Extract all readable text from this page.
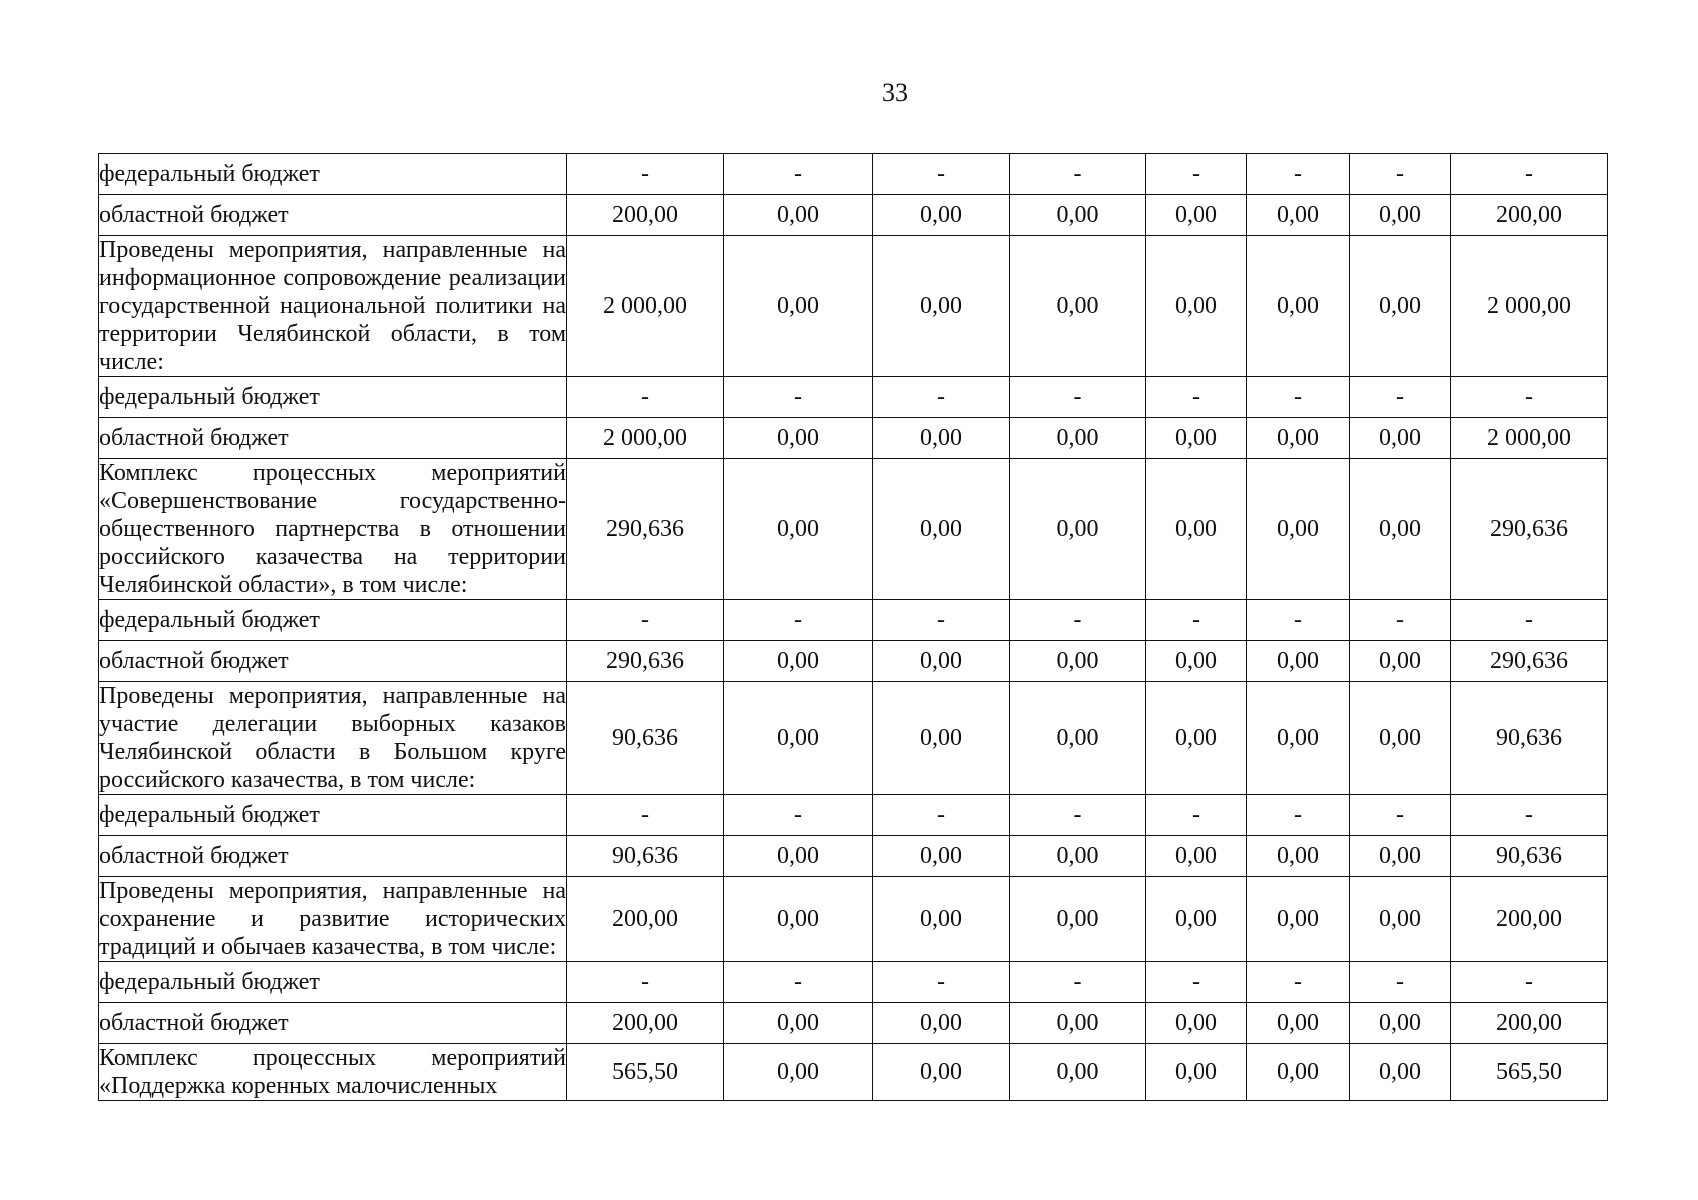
33
федеральный бюджет	-	-	-	-	-	-	-	-
областной бюджет	200,00	0,00	0,00	0,00	0,00	0,00	0,00	200,00
Проведены мероприятия, направленные на информационное сопровождение реализации государственной национальной политики на территории Челябинской области, в том числе:	2 000,00	0,00	0,00	0,00	0,00	0,00	0,00	2 000,00
федеральный бюджет	-	-	-	-	-	-	-	-
областной бюджет	2 000,00	0,00	0,00	0,00	0,00	0,00	0,00	2 000,00
Комплекс процессных мероприятий «Совершенствование государственно-общественного партнерства в отношении российского казачества на территории Челябинской области», в том числе:	290,636	0,00	0,00	0,00	0,00	0,00	0,00	290,636
федеральный бюджет	-	-	-	-	-	-	-	-
областной бюджет	290,636	0,00	0,00	0,00	0,00	0,00	0,00	290,636
Проведены мероприятия, направленные на участие делегации выборных казаков Челябинской области в Большом круге российского казачества, в том числе:	90,636	0,00	0,00	0,00	0,00	0,00	0,00	90,636
федеральный бюджет	-	-	-	-	-	-	-	-
областной бюджет	90,636	0,00	0,00	0,00	0,00	0,00	0,00	90,636
Проведены мероприятия, направленные на сохранение и развитие исторических традиций и обычаев казачества, в том числе:	200,00	0,00	0,00	0,00	0,00	0,00	0,00	200,00
федеральный бюджет	-	-	-	-	-	-	-	-
областной бюджет	200,00	0,00	0,00	0,00	0,00	0,00	0,00	200,00
Комплекс процессных мероприятий «Поддержка коренных малочисленных	565,50	0,00	0,00	0,00	0,00	0,00	0,00	565,50
